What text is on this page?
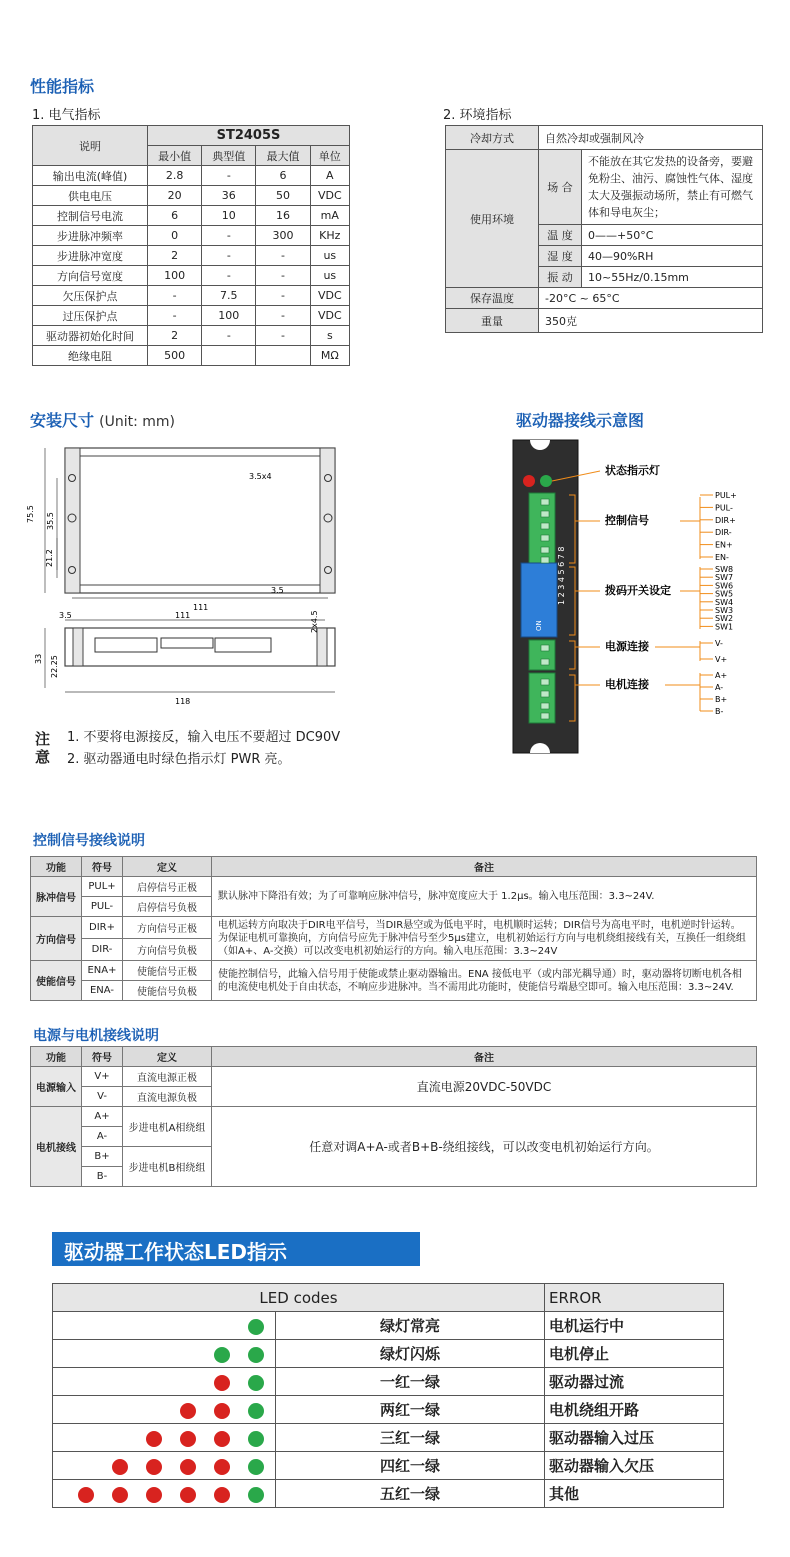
性能指标
1. 电气指标	2. 环境指标
说明	ST2405S			
	最小值	典型值	最大值	单位
输出电流(峰值)	2.8	-	6	A
供电电压	20	36	50	VDC
控制信号电流	6	10	16	mA
步进脉冲频率	0	-	300	KHz
步进脉冲宽度	2	-	-	us
方向信号宽度	100	-	-	us
欠压保护点	-	7.5	-	VDC
过压保护点	-	100	-	VDC
驱动器初始化时间	2	-	-	s
绝缘电阻	500			MΩ
冷却方式	自然冷却或强制风冷	
使用环境	场 合	不能放在其它发热的设备旁，要避免粉尘、油污、腐蚀性气体、湿度太大及强振动场所，禁止有可燃气体和导电灰尘；
	温 度	0——+50°C
	湿 度	40—90%RH
	振 动	10~55Hz/0.15mm
保存温度	-20°C ~ 65°C	
重量	350克	
安装尺寸 (Unit: mm)
75.5 35.5
21.2
3.5x4
111
3.5
3.5	111
33 22.25
118
2x4.5
注意
1. 不要将电源接反，输入电压不要超过 DC90V
2. 驱动器通电时绿色指示灯 PWR 亮。
驱动器接线示意图
1 2 3 4 5 6 7 8
ON
状态指示灯
控制信号
拨码开关设定
电源连接
电机连接
PUL+
PUL-
DIR+
DIR-
EN+
EN-
SW8
SW7
SW6
SW5
SW4
SW3
SW2
SW1
V-
V+
A+
A-
B+
B-
控制信号接线说明
功能	符号	定义	备注
脉冲信号	PUL+	启停信号正极	默认脉冲下降沿有效；为了可靠响应脉冲信号，脉冲宽度应大于 1.2μs。输入电压范围：3.3~24V.
	PUL-	启停信号负极	
方向信号	DIR+	方向信号正极	电机运转方向取决于DIR电平信号，当DIR悬空或为低电平时，电机顺时运转；DIR信号为高电平时，电机逆时针运转。为保证电机可靠换向，方向信号应先于脉冲信号至少5μs建立，电机初始运行方向与电机绕组接线有关，互换任一组绕组（如A+、A-交换）可以改变电机初始运行的方向。输入电压范围：3.3~24V
	DIR-	方向信号负极	
使能信号	ENA+	使能信号正极	使能控制信号，此输入信号用于使能或禁止驱动器输出。ENA 接低电平（或内部光耦导通）时，驱动器将切断电机各相的电流使电机处于自由状态，不响应步进脉冲。当不需用此功能时，使能信号端悬空即可。输入电压范围：3.3~24V.
	ENA-	使能信号负极	
电源与电机接线说明
功能	符号	定义	备注
电源输入	V+	直流电源正极	直流电源20VDC-50VDC
	V-	直流电源负极	
电机接线	A+	步进电机A相绕组	任意对调A+A-或者B+B-绕组接线，可以改变电机初始运行方向。
	A-		
	B+	步进电机B相绕组	
	B-		
驱动器工作状态LED指示
LED codes		ERROR
	绿灯常亮	电机运行中
	绿灯闪烁	电机停止
	一红一绿	驱动器过流
	两红一绿	电机绕组开路
	三红一绿	驱动器输入过压
	四红一绿	驱动器输入欠压
	五红一绿	其他
